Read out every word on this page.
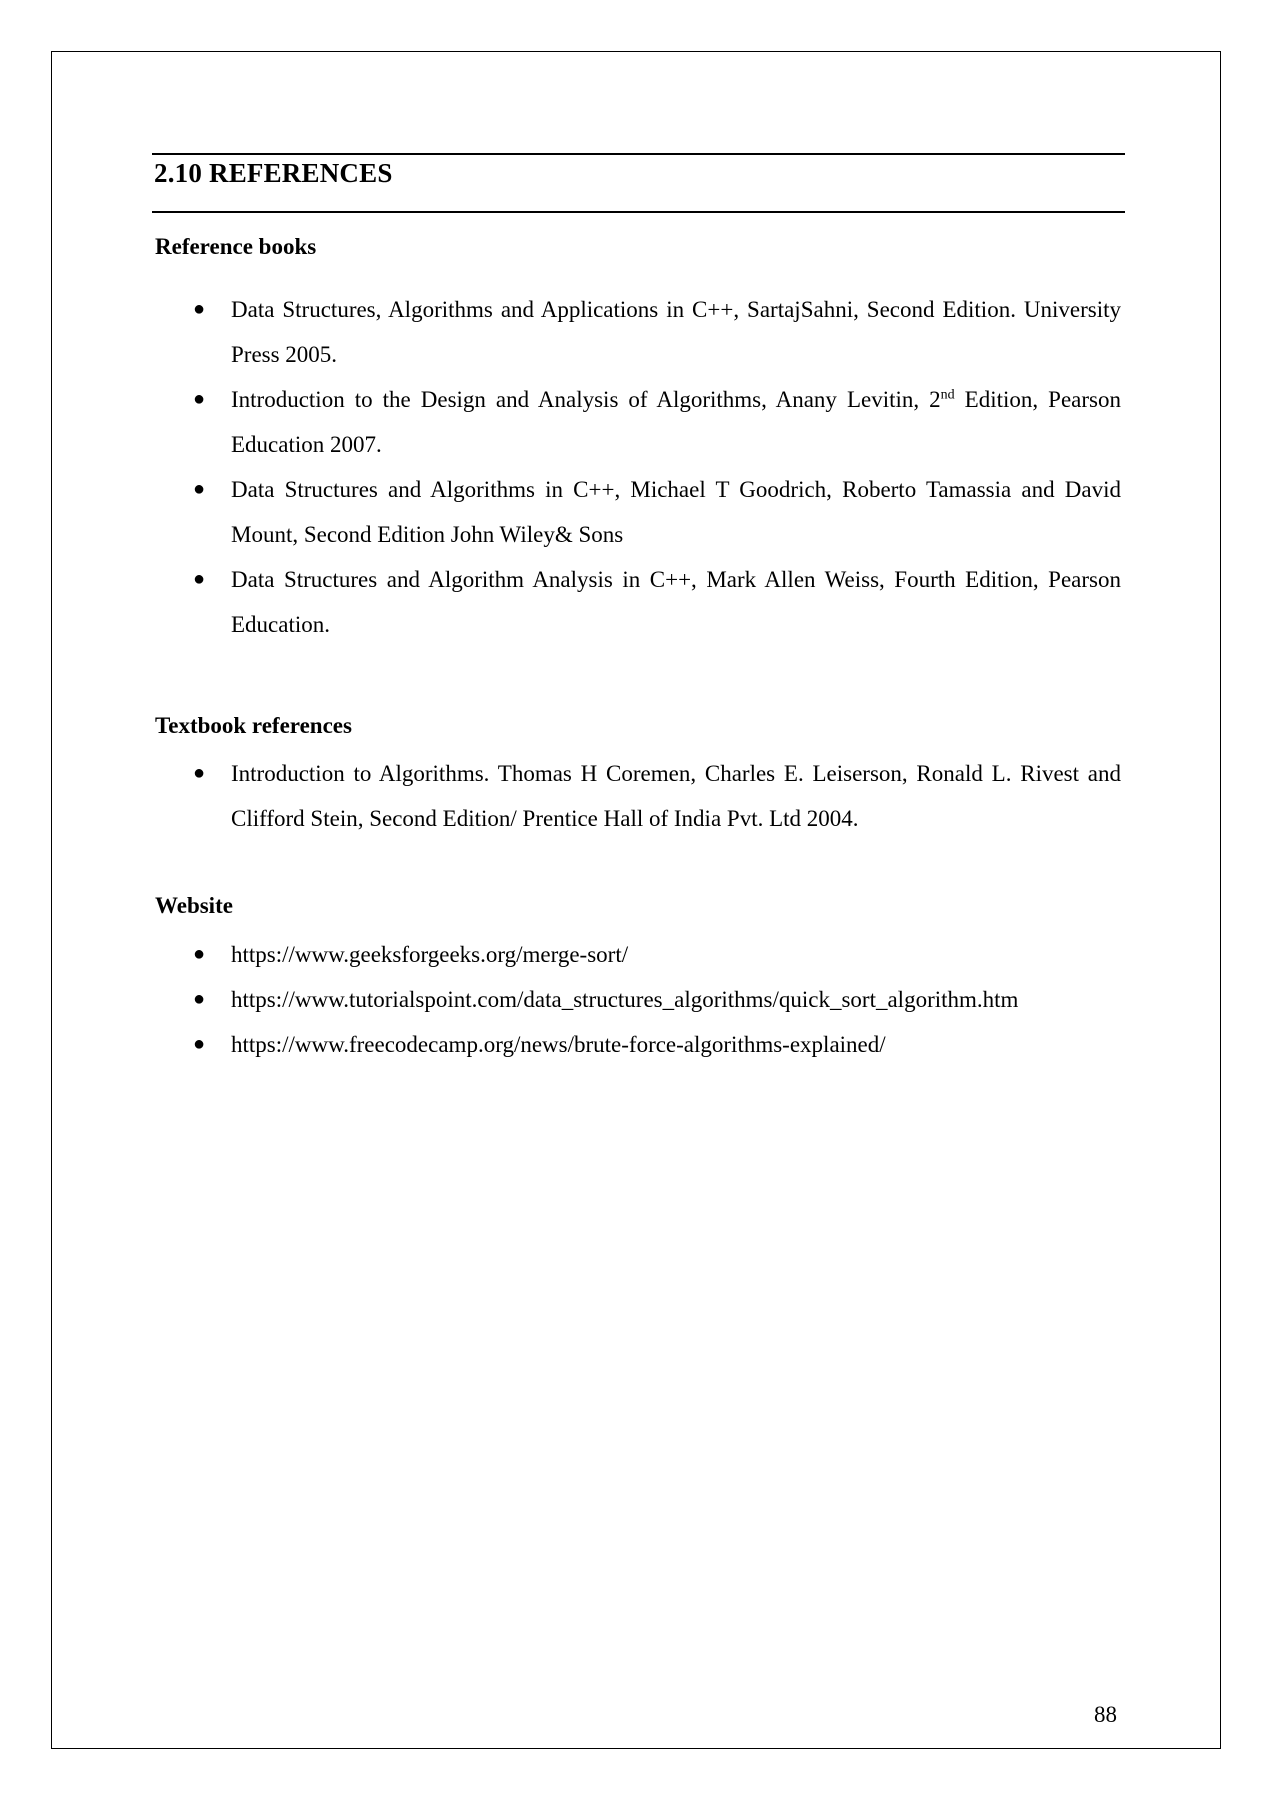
2.10 REFERENCES
Reference books
● Data Structures, Algorithms and Applications in C++, SartajSahni, Second Edition. University Press 2005.
● Introduction to the Design and Analysis of Algorithms, Anany Levitin, 2nd Edition, Pearson Education 2007.
● Data Structures and Algorithms in C++, Michael T Goodrich, Roberto Tamassia and David Mount, Second Edition John Wiley& Sons
● Data Structures and Algorithm Analysis in C++, Mark Allen Weiss, Fourth Edition, Pearson Education.
Textbook references
● Introduction to Algorithms. Thomas H Coremen, Charles E. Leiserson, Ronald L. Rivest and   Clifford Stein, Second Edition/ Prentice Hall of India Pvt. Ltd 2004.
Website
● https://www.geeksforgeeks.org/merge-sort/
● https://www.tutorialspoint.com/data_structures_algorithms/quick_sort_algorithm.htm
● https://www.freecodecamp.org/news/brute-force-algorithms-explained/
88
